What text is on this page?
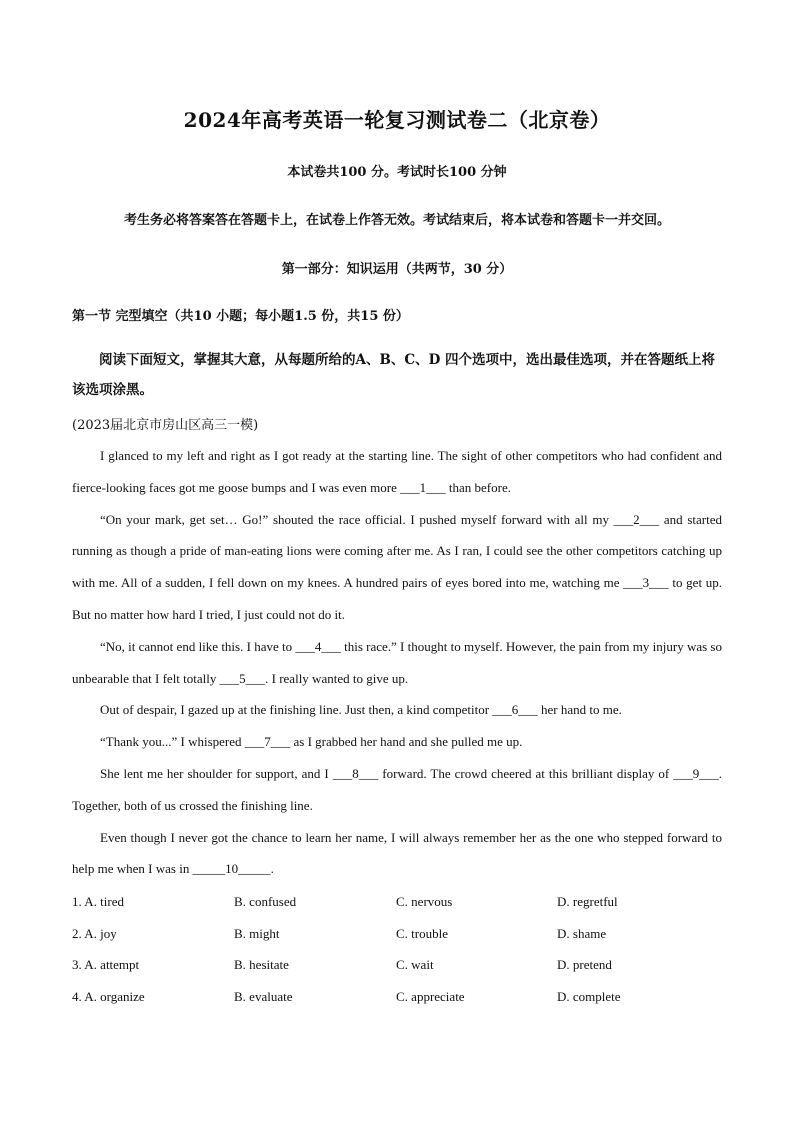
2024年高考英语一轮复习测试卷二（北京卷）
本试卷共100 分。考试时长100 分钟
考生务必将答案答在答题卡上，在试卷上作答无效。考试结束后，将本试卷和答题卡一并交回。
第一部分：知识运用（共两节，30 分）
第一节 完型填空（共10 小题；每小题1.5 份，共15 份）
阅读下面短文，掌握其大意，从每题所给的A、B、C、D 四个选项中，选出最佳选项，并在答题纸上将该选项涂黑。
(2023届北京市房山区高三一模)

I glanced to my left and right as I got ready at the starting line. The sight of other competitors who had confident and fierce-looking faces got me goose bumps and I was even more ___1___ than before.

“On your mark, get set… Go!” shouted the race official. I pushed myself forward with all my ___2___ and started running as though a pride of man-eating lions were coming after me. As I ran, I could see the other competitors catching up with me. All of a sudden, I fell down on my knees. A hundred pairs of eyes bored into me, watching me ___3___ to get up. But no matter how hard I tried, I just could not do it.

“No, it cannot end like this. I have to ___4___ this race.” I thought to myself. However, the pain from my injury was so unbearable that I felt totally ___5___. I really wanted to give up.

Out of despair, I gazed up at the finishing line. Just then, a kind competitor ___6___ her hand to me.

“Thank you...” I whispered ___7___ as I grabbed her hand and she pulled me up.

She lent me her shoulder for support, and I ___8___ forward. The crowd cheered at this brilliant display of ___9___. Together, both of us crossed the finishing line.

Even though I never got the chance to learn her name, I will always remember her as the one who stepped forward to help me when I was in _____10_____.

1. A. tired	B. confused	C. nervous	D. regretful
2. A. joy	B. might	C. trouble	D. shame
3. A. attempt	B. hesitate	C. wait	D. pretend
4. A. organize	B. evaluate	C. appreciate	D. complete
